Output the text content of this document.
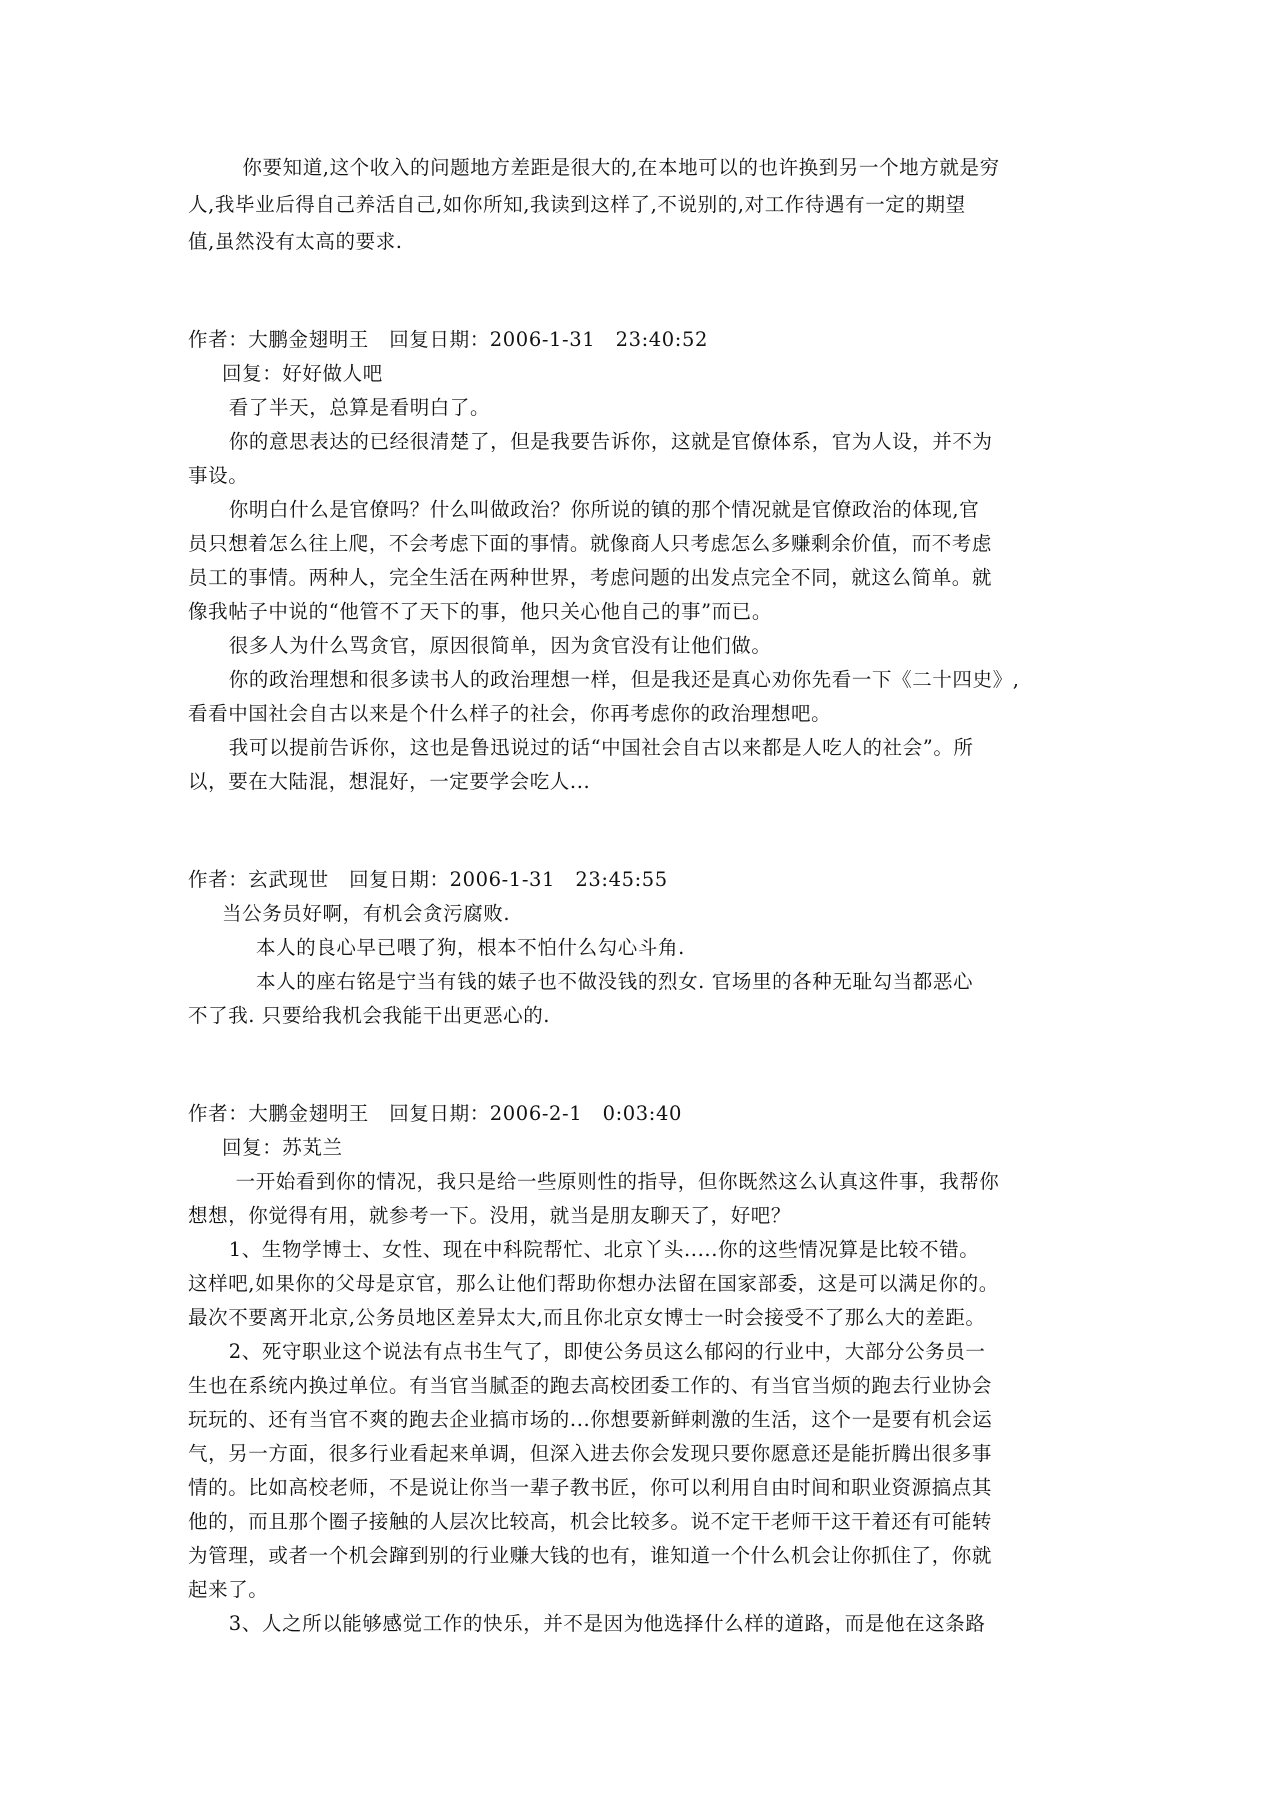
你要知道,这个收入的问题地方差距是很大的,在本地可以的也许换到另一个地方就是穷
人,我毕业后得自己养活自己,如你所知,我读到这样了,不说别的,对工作待遇有一定的期望
值,虽然没有太高的要求.
作者：大鹏金翅明王   回复日期：2006-1-31   23:40:52
回复：好好做人吧
看了半天，总算是看明白了。
你的意思表达的已经很清楚了，但是我要告诉你，这就是官僚体系，官为人设，并不为
事设。
你明白什么是官僚吗？什么叫做政治？你所说的镇的那个情况就是官僚政治的体现,官
员只想着怎么往上爬，不会考虑下面的事情。就像商人只考虑怎么多赚剩余价值，而不考虑
员工的事情。两种人，完全生活在两种世界，考虑问题的出发点完全不同，就这么简单。就
像我帖子中说的“他管不了天下的事，他只关心他自己的事”而已。
很多人为什么骂贪官，原因很简单，因为贪官没有让他们做。
你的政治理想和很多读书人的政治理想一样，但是我还是真心劝你先看一下《二十四史》,
看看中国社会自古以来是个什么样子的社会，你再考虑你的政治理想吧。
我可以提前告诉你，这也是鲁迅说过的话“中国社会自古以来都是人吃人的社会”。所
以，要在大陆混，想混好，一定要学会吃人...
作者：玄武现世   回复日期：2006-1-31   23:45:55
当公务员好啊，有机会贪污腐败.
本人的良心早已喂了狗，根本不怕什么勾心斗角.
本人的座右铭是宁当有钱的婊子也不做没钱的烈女. 官场里的各种无耻勾当都恶心
不了我. 只要给我机会我能干出更恶心的.
作者：大鹏金翅明王   回复日期：2006-2-1   0:03:40
回复：苏芄兰
一开始看到你的情况，我只是给一些原则性的指导，但你既然这么认真这件事，我帮你
想想，你觉得有用，就参考一下。没用，就当是朋友聊天了，好吧？
1、生物学博士、女性、现在中科院帮忙、北京丫头.....你的这些情况算是比较不错。
这样吧,如果你的父母是京官，那么让他们帮助你想办法留在国家部委，这是可以满足你的。
最次不要离开北京,公务员地区差异太大,而且你北京女博士一时会接受不了那么大的差距。
2、死守职业这个说法有点书生气了，即使公务员这么郁闷的行业中，大部分公务员一
生也在系统内换过单位。有当官当腻歪的跑去高校团委工作的、有当官当烦的跑去行业协会
玩玩的、还有当官不爽的跑去企业搞市场的...你想要新鲜刺激的生活，这个一是要有机会运
气，另一方面，很多行业看起来单调，但深入进去你会发现只要你愿意还是能折腾出很多事
情的。比如高校老师，不是说让你当一辈子教书匠，你可以利用自由时间和职业资源搞点其
他的，而且那个圈子接触的人层次比较高，机会比较多。说不定干老师干这干着还有可能转
为管理，或者一个机会蹿到别的行业赚大钱的也有，谁知道一个什么机会让你抓住了，你就
起来了。
3、人之所以能够感觉工作的快乐，并不是因为他选择什么样的道路，而是他在这条路
